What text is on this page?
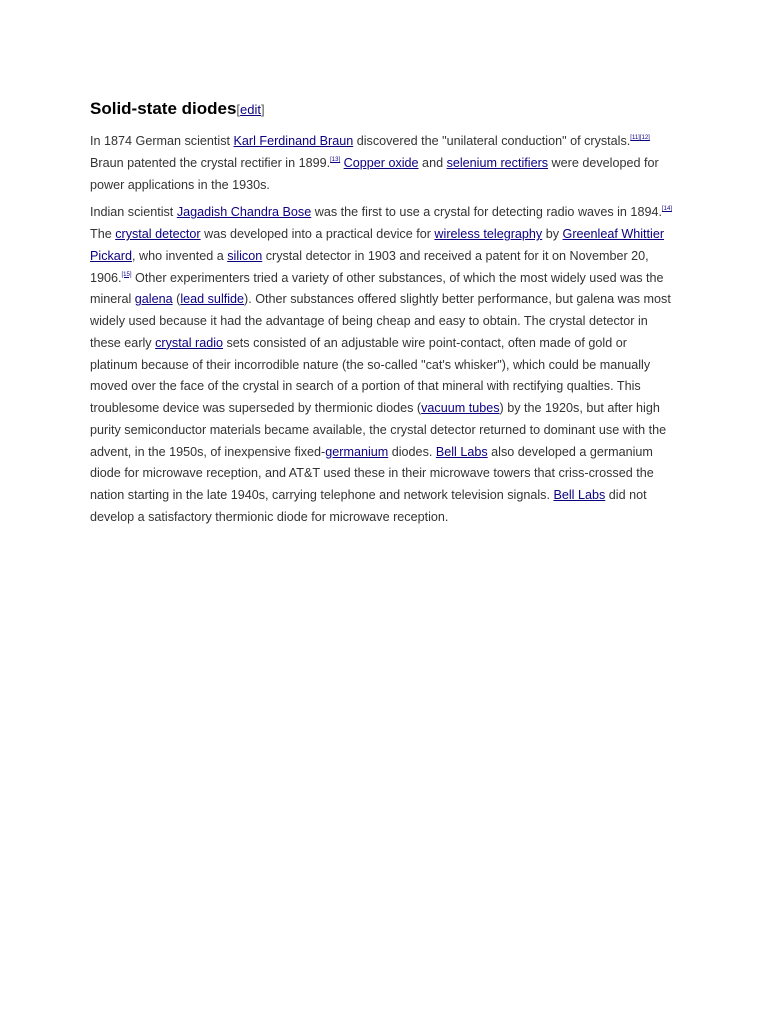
Solid-state diodes[edit]

In 1874 German scientist Karl Ferdinand Braun discovered the "unilateral conduction" of crystals.[11][12] Braun patented the crystal rectifier in 1899.[13] Copper oxide and selenium rectifiers were developed for power applications in the 1930s.

Indian scientist Jagadish Chandra Bose was the first to use a crystal for detecting radio waves in 1894.[14] The crystal detector was developed into a practical device for wireless telegraphy by Greenleaf Whittier Pickard, who invented a silicon crystal detector in 1903 and received a patent for it on November 20, 1906.[15] Other experimenters tried a variety of other substances, of which the most widely used was the mineral galena (lead sulfide). Other substances offered slightly better performance, but galena was most widely used because it had the advantage of being cheap and easy to obtain. The crystal detector in these early crystal radio sets consisted of an adjustable wire point-contact, often made of gold or platinum because of their incorrodible nature (the so-called "cat's whisker"), which could be manually moved over the face of the crystal in search of a portion of that mineral with rectifying qualties. This troublesome device was superseded by thermionic diodes (vacuum tubes) by the 1920s, but after high purity semiconductor materials became available, the crystal detector returned to dominant use with the advent, in the 1950s, of inexpensive fixed-germanium diodes. Bell Labs also developed a germanium diode for microwave reception, and AT&T used these in their microwave towers that criss-crossed the nation starting in the late 1940s, carrying telephone and network television signals. Bell Labs did not develop a satisfactory thermionic diode for microwave reception.
